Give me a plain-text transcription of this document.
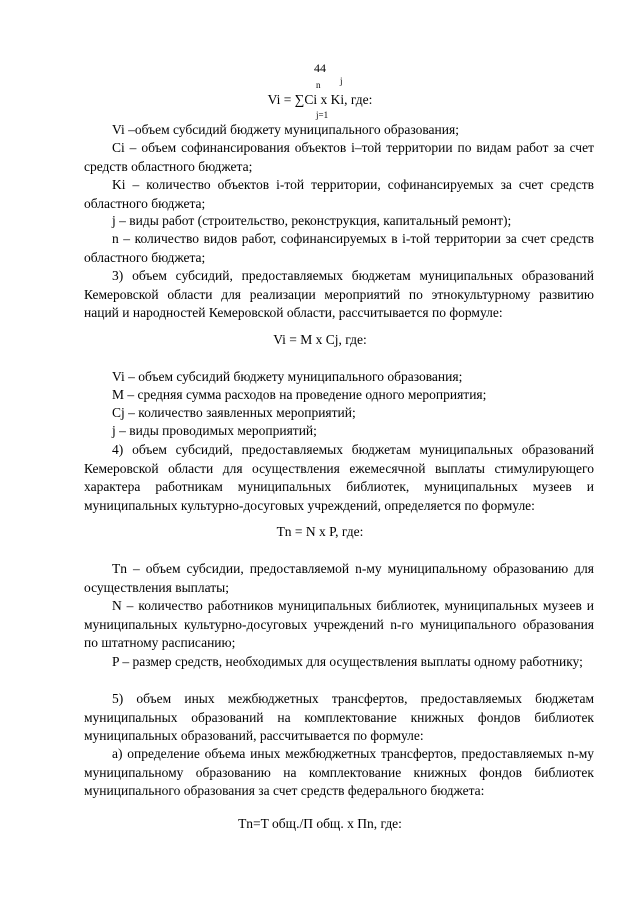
44
n j
Vi = ∑Ci x Ki, где:
j=1

Vi –объем субсидий бюджету муниципального образования;

Ci – объем софинансирования объектов i–той территории по видам работ за счет средств областного бюджета;

Ki – количество объектов i-той территории, софинансируемых за счет средств областного бюджета;

j – виды работ (строительство, реконструкция, капитальный ремонт);

n – количество видов работ, софинансируемых в i-той территории за счет средств областного бюджета;

3) объем субсидий, предоставляемых бюджетам муниципальных образований Кемеровской области для реализации мероприятий по этнокультурному развитию наций и народностей Кемеровской области, рассчитывается по формуле:

Vi = M x Cj, где:

Vi – объем субсидий бюджету муниципального образования;

М – средняя сумма расходов на проведение одного мероприятия;

Cj – количество заявленных мероприятий;

j – виды проводимых мероприятий;

4) объем субсидий, предоставляемых бюджетам муниципальных образований Кемеровской области для осуществления ежемесячной выплаты стимулирующего характера работникам муниципальных библиотек, муниципальных музеев и муниципальных культурно-досуговых учреждений, определяется по формуле:

Tn = N x P, где:

Tn – объем субсидии, предоставляемой n-му муниципальному образованию для осуществления выплаты;

N – количество работников муниципальных библиотек, муниципальных музеев и муниципальных культурно-досуговых учреждений n-го муниципального образования по штатному расписанию;

P – размер средств, необходимых для осуществления выплаты одному работнику;

5) объем иных межбюджетных трансфертов, предоставляемых бюджетам муниципальных образований на комплектование книжных фондов библиотек муниципальных образований, рассчитывается по формуле:

а) определение объема иных межбюджетных трансфертов, предоставляемых n-му муниципальному образованию на комплектование книжных фондов библиотек муниципального образования за счет средств федерального бюджета:

Tn=T общ./П общ. x Пn, где:
